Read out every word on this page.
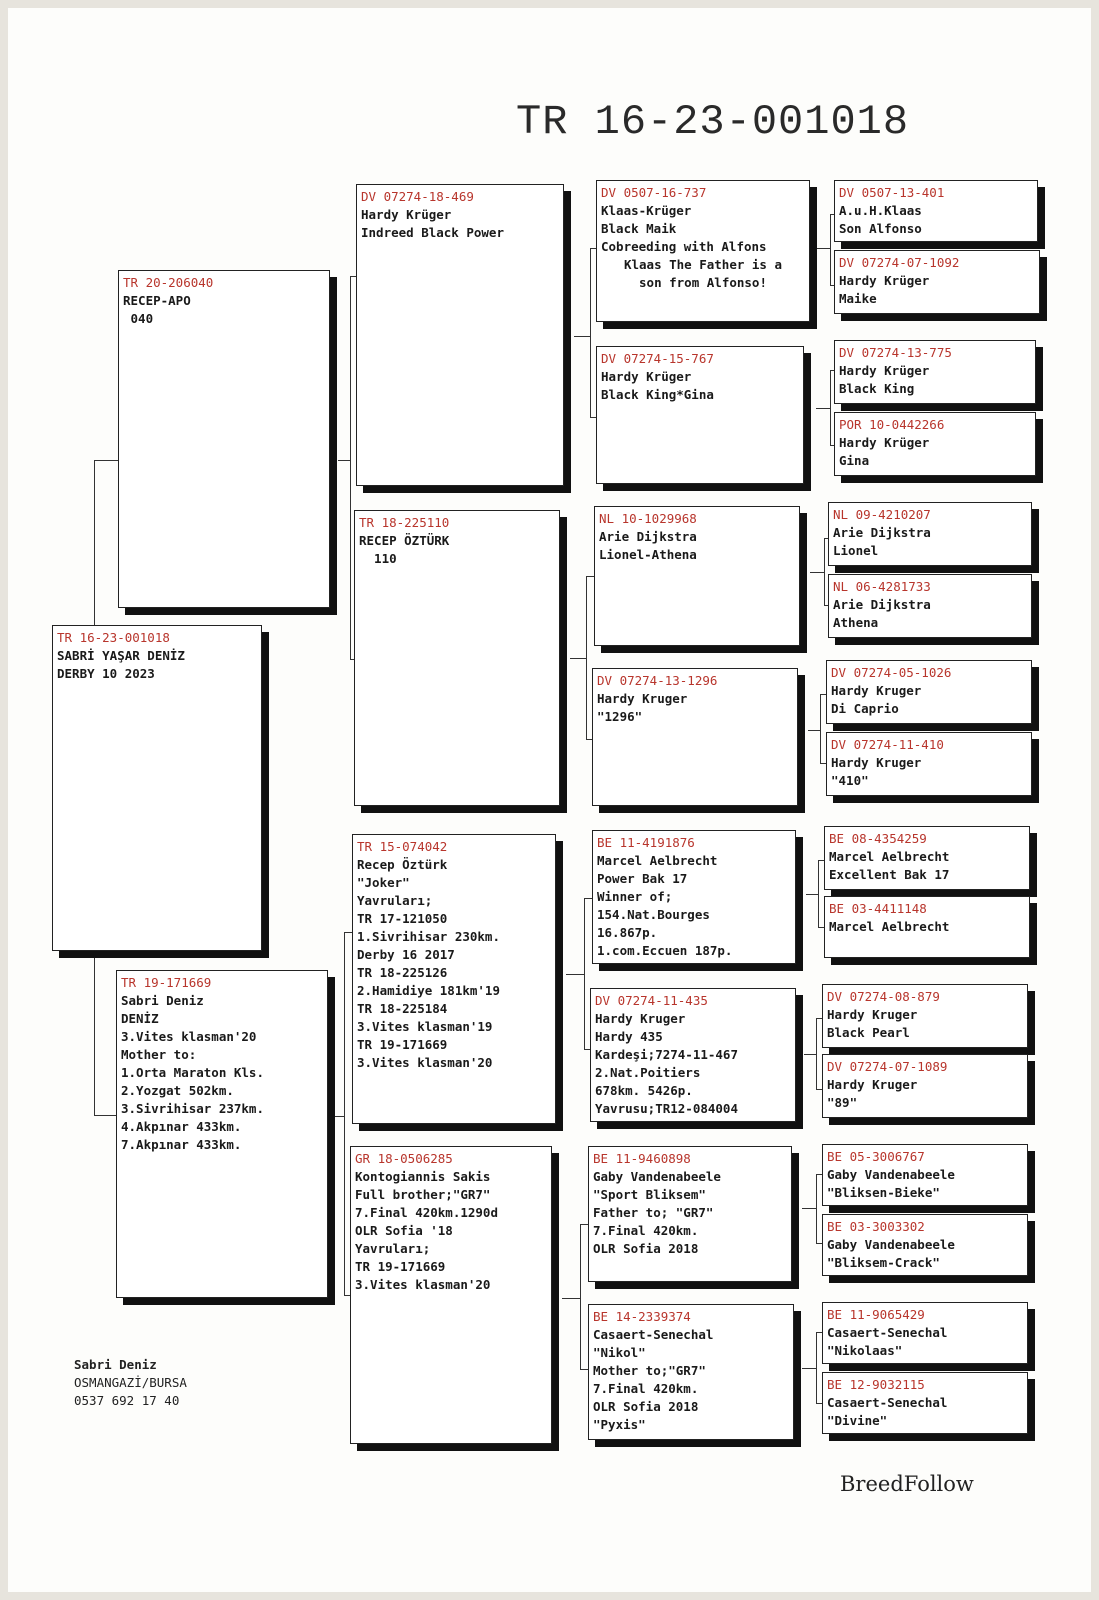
TR 16-23-001018
TR 16-23-001018
SABRİ YAŞAR DENİZ
DERBY 10 2023
TR 20-206040
RECEP-APO
040
TR 19-171669
Sabri Deniz
DENİZ
3.Vites klasman'20
Mother to:
1.Orta Maraton Kls.
2.Yozgat 502km.
3.Sivrihisar 237km.
4.Akpınar 433km.
7.Akpınar 433km.
DV 07274-18-469
Hardy Krüger
Indreed Black Power
TR 18-225110
RECEP ÖZTÜRK
110
TR 15-074042
Recep Öztürk
"Joker"
Yavruları;
TR 17-121050
1.Sivrihisar 230km.
Derby 16 2017
TR 18-225126
2.Hamidiye 181km'19
TR 18-225184
3.Vites klasman'19
TR 19-171669
3.Vites klasman'20
GR 18-0506285
Kontogiannis Sakis
Full brother;"GR7"
7.Final 420km.1290d
OLR Sofia '18
Yavruları;
TR 19-171669
3.Vites klasman'20
DV 0507-16-737
Klaas-Krüger
Black Maik
Cobreeding with Alfons
Klaas The Father is a
son from Alfonso!
DV 07274-15-767
Hardy Krüger
Black King*Gina
NL 10-1029968
Arie Dijkstra
Lionel-Athena
DV 07274-13-1296
Hardy Kruger
"1296"
BE 11-4191876
Marcel Aelbrecht
Power Bak 17
Winner of;
154.Nat.Bourges
16.867p.
1.com.Eccuen 187p.
DV 07274-11-435
Hardy Kruger
Hardy 435
Kardeşi;7274-11-467
2.Nat.Poitiers
678km. 5426p.
Yavrusu;TR12-084004
BE 11-9460898
Gaby Vandenabeele
"Sport Bliksem"
Father to; "GR7"
7.Final 420km.
OLR Sofia 2018
BE 14-2339374
Casaert-Senechal
"Nikol"
Mother to;"GR7"
7.Final 420km.
OLR Sofia 2018
"Pyxis"
DV 0507-13-401
A.u.H.Klaas
Son Alfonso
DV 07274-07-1092
Hardy Krüger
Maike
DV 07274-13-775
Hardy Krüger
Black King
POR 10-0442266
Hardy Krüger
Gina
NL 09-4210207
Arie Dijkstra
Lionel
NL 06-4281733
Arie Dijkstra
Athena
DV 07274-05-1026
Hardy Kruger
Di Caprio
DV 07274-11-410
Hardy Kruger
"410"
BE 08-4354259
Marcel Aelbrecht
Excellent Bak 17
BE 03-4411148
Marcel Aelbrecht
DV 07274-08-879
Hardy Kruger
Black Pearl
DV 07274-07-1089
Hardy Kruger
"89"
BE 05-3006767
Gaby Vandenabeele
"Bliksen-Bieke"
BE 03-3003302
Gaby Vandenabeele
"Bliksem-Crack"
BE 11-9065429
Casaert-Senechal
"Nikolaas"
BE 12-9032115
Casaert-Senechal
"Divine"
Sabri Deniz
OSMANGAZİ/BURSA
0537 692 17 40
BreedFollow
